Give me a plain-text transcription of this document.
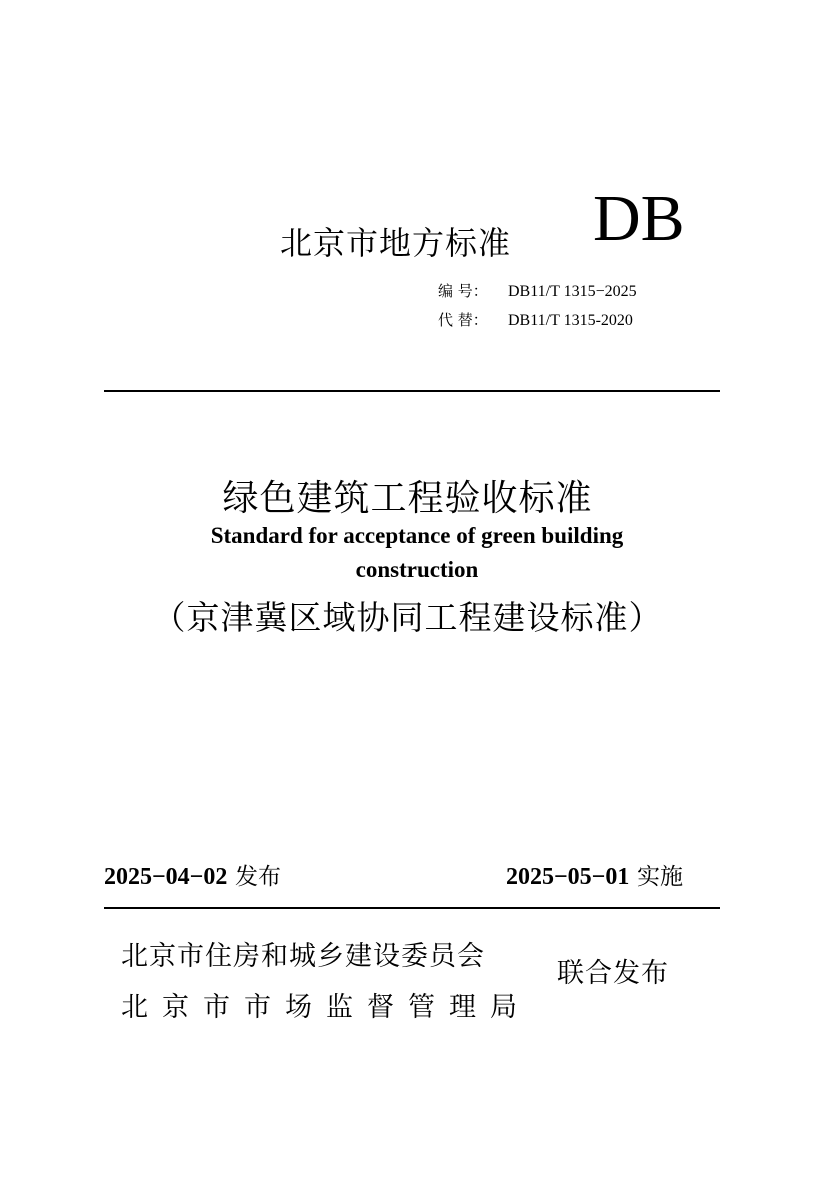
北京市地方标准 DB
编 号： DB11/T 1315−2025
代 替： DB11/T 1315-2020
绿色建筑工程验收标准
Standard for acceptance of green building
construction
（京津冀区域协同工程建设标准）
2025−04−02 发布	2025−05−01 实施
北京市住房和城乡建设委员会
北京市市场监督管理局
联合发布
